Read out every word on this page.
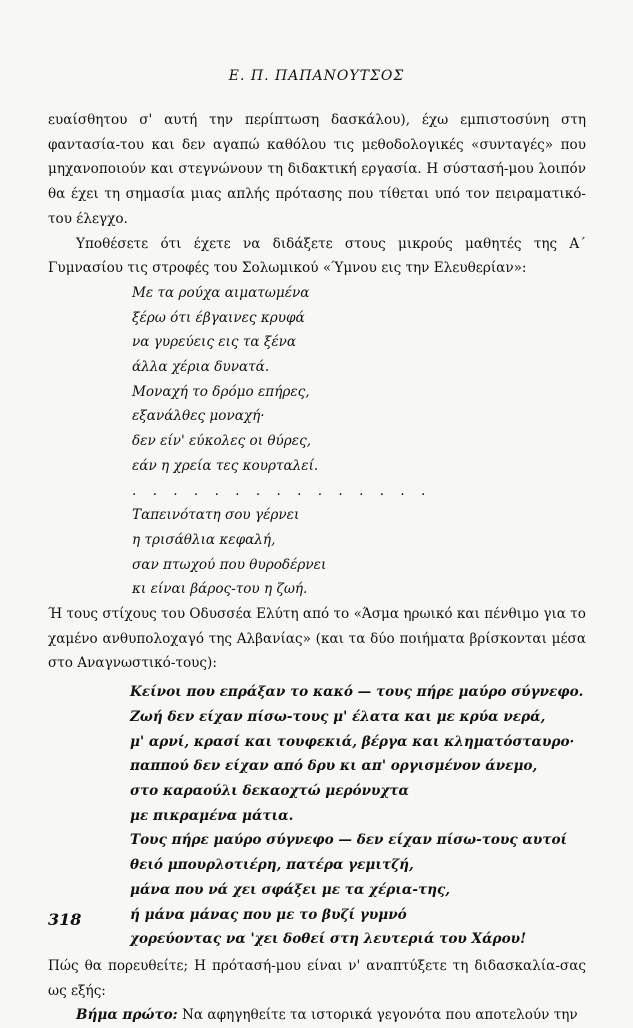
Ε. Π. ΠΑΠΑΝΟΥΤΣΟΣ

ευαίσθητου σ' αυτή την περίπτωση δασκάλου), έχω εμπιστοσύνη στη φαντασία-του και δεν αγαπώ καθόλου τις μεθοδολογικές «συνταγές» που μηχανοποιούν και στεγνώνουν τη διδακτική εργασία. Η σύστασή-μου λοιπόν θα έχει τη σημασία μιας απλής πρότασης που τίθεται υπό τον πειραματικό-του έλεγχο.

Υποθέσετε ότι έχετε να διδάξετε στους μικρούς μαθητές της Α΄ Γυμνασίου τις στροφές του Σολωμικού «Ύμνου εις την Ελευθερίαν»:

Με τα ρούχα αιματωμένα
ξέρω ότι έβγαινες κρυφά
να γυρεύεις εις τα ξένα
άλλα χέρια δυνατά.
Μοναχή το δρόμο επήρες,
εξανάλθες μοναχή·
δεν είν' εύκολες οι θύρες,
εάν η χρεία τες κουρταλεί.
. . . . . . . . . . . . . . .
Ταπεινότατη σου γέρνει
η τρισάθλια κεφαλή,
σαν πτωχού που θυροδέρνει
κι είναι βάρος-του η ζωή.

Ή τους στίχους του Οδυσσέα Ελύτη από το «Άσμα ηρωικό και πένθιμο για το χαμένο ανθυπολοχαγό της Αλβανίας» (και τα δύο ποιήματα βρίσκονται μέσα στο Αναγνωστικό-τους):

Κείνοι που επράξαν το κακό — τους πήρε μαύρο σύγνεφο.
Ζωή δεν είχαν πίσω-τους μ' έλατα και με κρύα νερά,
μ' αρνί, κρασί και τουφεκιά, βέργα και κληματόσταυρο·
παππού δεν είχαν από δρυ κι απ' οργισμένον άνεμο,
στο καραούλι δεκαοχτώ μερόνυχτα
με πικραμένα μάτια.
Τους πήρε μαύρο σύγνεφο — δεν είχαν πίσω-τους αυτοί
θειό μπουρλοτιέρη, πατέρα γεμιτζή,
μάνα που νά χει σφάξει με τα χέρια-της,
ή μάνα μάνας που με το βυζί γυμνό
χορεύοντας να 'χει δοθεί στη λευτεριά του Χάρου!

Πώς θα πορευθείτε; Η πρότασή-μου είναι ν' αναπτύξετε τη διδασκαλία-σας ως εξής:

Βήμα πρώτο: Να αφηγηθείτε τα ιστορικά γεγονότα που αποτελούν την

318
